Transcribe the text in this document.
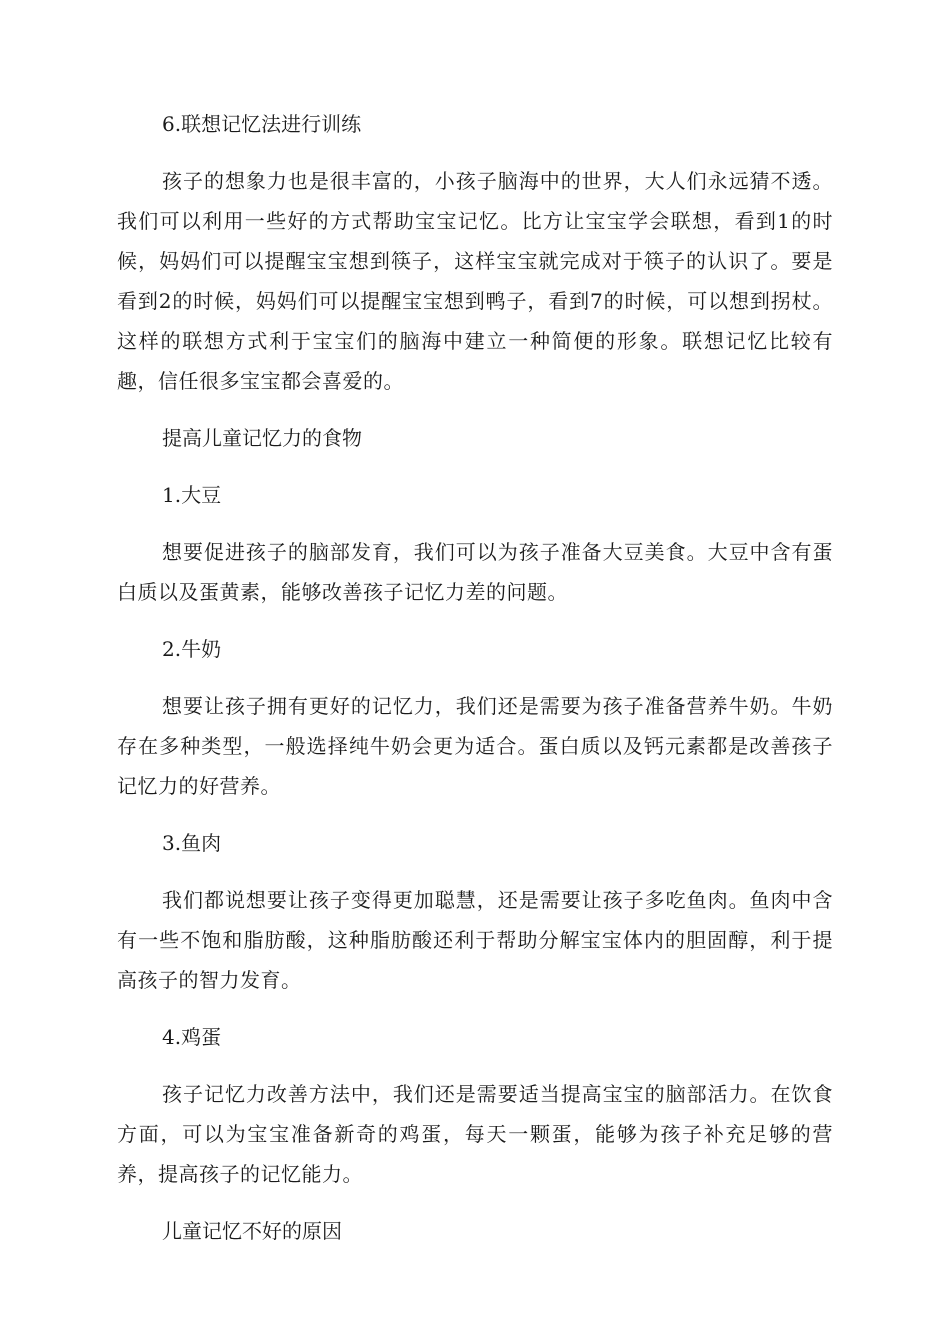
6.联想记忆法进行训练

孩子的想象力也是很丰富的，小孩子脑海中的世界，大人们永远猜不透。我们可以利用一些好的方式帮助宝宝记忆。比方让宝宝学会联想，看到1的时候，妈妈们可以提醒宝宝想到筷子，这样宝宝就完成对于筷子的认识了。要是看到2的时候，妈妈们可以提醒宝宝想到鸭子，看到7的时候，可以想到拐杖。这样的联想方式利于宝宝们的脑海中建立一种简便的形象。联想记忆比较有趣，信任很多宝宝都会喜爱的。

提高儿童记忆力的食物

1.大豆

想要促进孩子的脑部发育，我们可以为孩子准备大豆美食。大豆中含有蛋白质以及蛋黄素，能够改善孩子记忆力差的问题。

2.牛奶

想要让孩子拥有更好的记忆力，我们还是需要为孩子准备营养牛奶。牛奶存在多种类型，一般选择纯牛奶会更为适合。蛋白质以及钙元素都是改善孩子记忆力的好营养。

3.鱼肉

我们都说想要让孩子变得更加聪慧，还是需要让孩子多吃鱼肉。鱼肉中含有一些不饱和脂肪酸，这种脂肪酸还利于帮助分解宝宝体内的胆固醇，利于提高孩子的智力发育。

4.鸡蛋

孩子记忆力改善方法中，我们还是需要适当提高宝宝的脑部活力。在饮食方面，可以为宝宝准备新奇的鸡蛋，每天一颗蛋，能够为孩子补充足够的营养，提高孩子的记忆能力。

儿童记忆不好的原因
